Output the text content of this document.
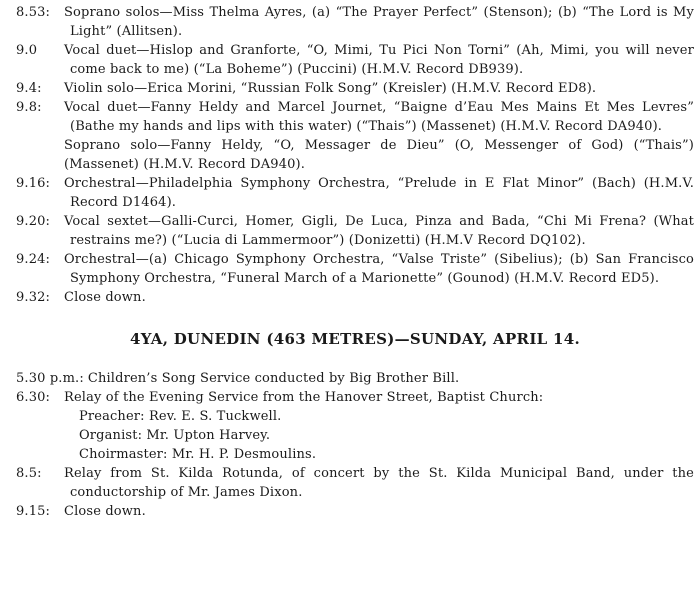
8.53: Soprano solos—Miss Thelma Ayres, (a) “The Prayer Perfect” (Stenson); (b) “The Lord is My Light” (Allitsen).

9.0 Vocal duet—Hislop and Granforte, “O, Mimi, Tu Pici Non Torni” (Ah, Mimi, you will never come back to me) (“La Boheme”) (Puccini) (H.M.V. Record DB939).

9.4: Violin solo—Erica Morini, “Russian Folk Song” (Kreisler) (H.M.V. Record ED8).

9.8: Vocal duet—Fanny Heldy and Marcel Journet, “Baigne d’Eau Mes Mains Et Mes Levres” (Bathe my hands and lips with this water) (“Thais”) (Massenet) (H.M.V. Record DA940).

Soprano solo—Fanny Heldy, “O, Messager de Dieu” (O, Messenger of God) (“Thais”) (Massenet) (H.M.V. Record DA940).

9.16: Orchestral—Philadelphia Symphony Orchestra, “Prelude in E Flat Minor” (Bach) (H.M.V. Record D1464).

9.20: Vocal sextet—Galli-Curci, Homer, Gigli, De Luca, Pinza and Bada, “Chi Mi Frena? (What restrains me?) (“Lucia di Lammermoor”) (Donizetti) (H.M.V Record DQ102).

9.24: Orchestral—(a) Chicago Symphony Orchestra, “Valse Triste” (Sibelius); (b) San Francisco Symphony Orchestra, “Funeral March of a Marionette” (Gounod) (H.M.V. Record ED5).

9.32: Close down.

4YA, DUNEDIN (463 METRES)—SUNDAY, APRIL 14.

5.30 p.m.: Children’s Song Service conducted by Big Brother Bill.

6.30: Relay of the Evening Service from the Hanover Street, Baptist Church:

Preacher: Rev. E. S. Tuckwell.

Organist: Mr. Upton Harvey.

Choirmaster: Mr. H. P. Desmoulins.

8.5: Relay from St. Kilda Rotunda, of concert by the St. Kilda Municipal Band, under the conductorship of Mr. James Dixon.

9.15: Close down.
